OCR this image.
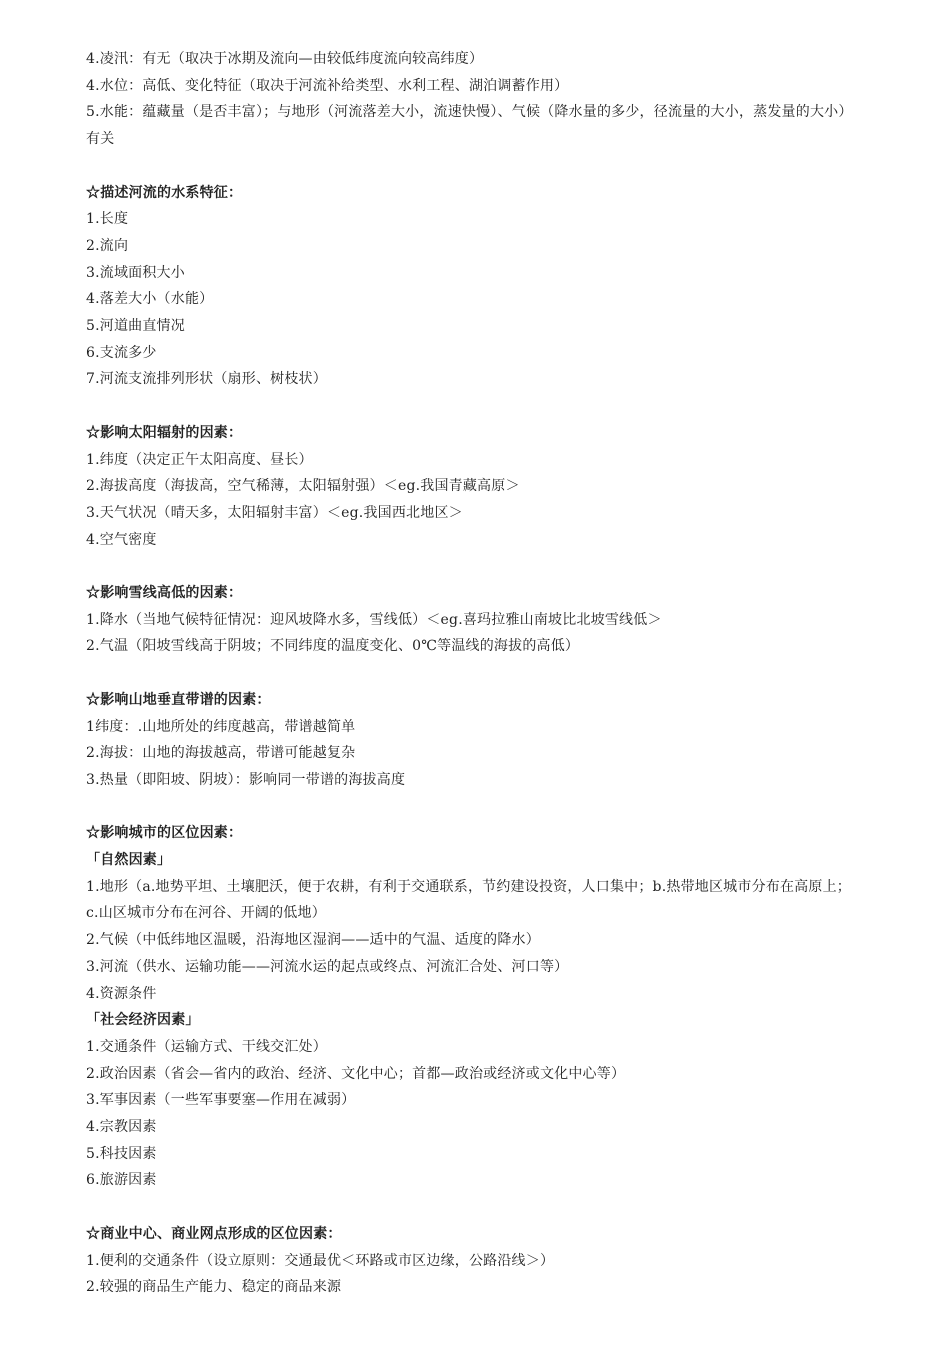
4.凌汛：有无（取决于冰期及流向—由较低纬度流向较高纬度）
4.水位：高低、变化特征（取决于河流补给类型、水利工程、湖泊调蓄作用）
5.水能：蕴藏量（是否丰富）；与地形（河流落差大小，流速快慢）、气候（降水量的多少，径流量的大小，蒸发量的大小）有关
☆描述河流的水系特征：
1.长度
2.流向
3.流域面积大小
4.落差大小（水能）
5.河道曲直情况
6.支流多少
7.河流支流排列形状（扇形、树枝状）
☆影响太阳辐射的因素：
1.纬度（决定正午太阳高度、昼长）
2.海拔高度（海拔高，空气稀薄，太阳辐射强）＜eg.我国青藏高原＞
3.天气状况（晴天多，太阳辐射丰富）＜eg.我国西北地区＞
4.空气密度
☆影响雪线高低的因素：
1.降水（当地气候特征情况：迎风坡降水多，雪线低）＜eg.喜玛拉雅山南坡比北坡雪线低＞
2.气温（阳坡雪线高于阴坡；不同纬度的温度变化、0℃等温线的海拔的高低）
☆影响山地垂直带谱的因素：
1纬度：.山地所处的纬度越高，带谱越简单
2.海拔：山地的海拔越高，带谱可能越复杂
3.热量（即阳坡、阴坡）：影响同一带谱的海拔高度
☆影响城市的区位因素：
「自然因素」
1.地形（a.地势平坦、土壤肥沃，便于农耕，有利于交通联系，节约建设投资，人口集中；b.热带地区城市分布在高原上；c.山区城市分布在河谷、开阔的低地）
2.气候（中低纬地区温暖，沿海地区湿润——适中的气温、适度的降水）
3.河流（供水、运输功能——河流水运的起点或终点、河流汇合处、河口等）
4.资源条件
「社会经济因素」
1.交通条件（运输方式、干线交汇处）
2.政治因素（省会—省内的政治、经济、文化中心；首都—政治或经济或文化中心等）
3.军事因素（一些军事要塞—作用在减弱）
4.宗教因素
5.科技因素
6.旅游因素
☆商业中心、商业网点形成的区位因素：
1.便利的交通条件（设立原则：交通最优＜环路或市区边缘，公路沿线＞）
2.较强的商品生产能力、稳定的商品来源
